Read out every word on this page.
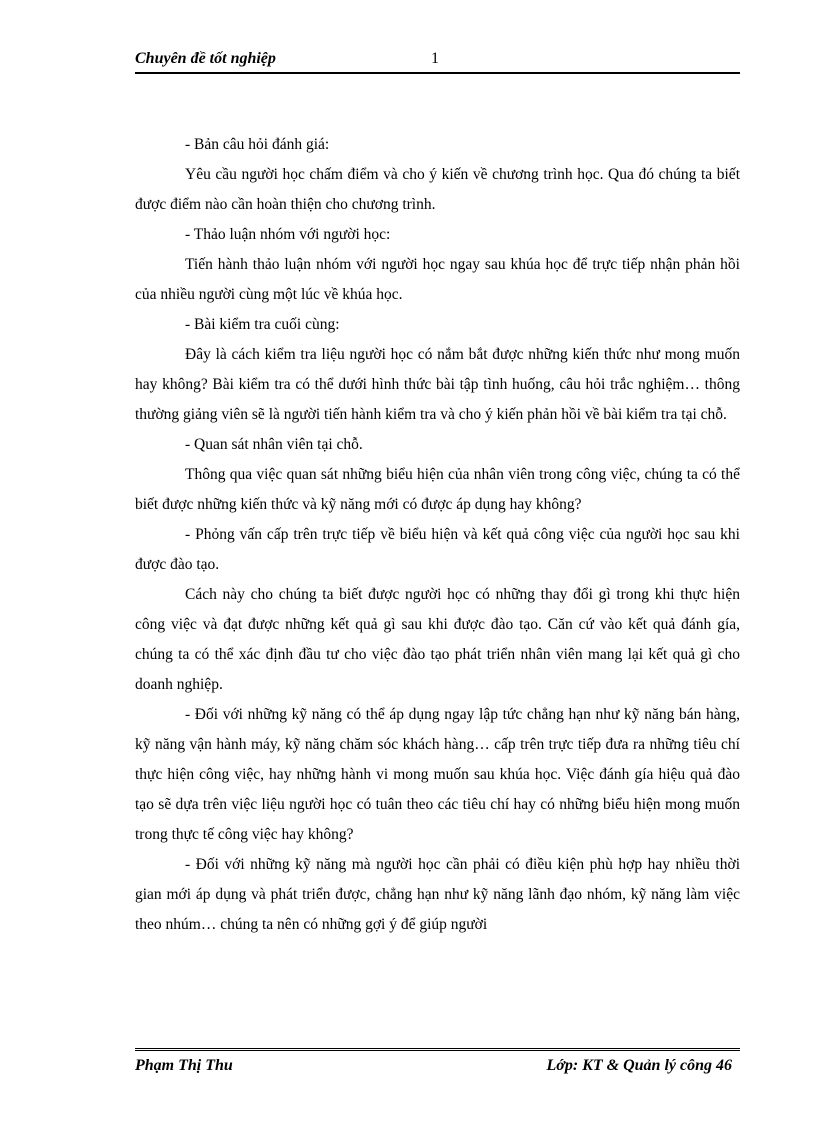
Chuyên đề tốt nghiệp	1

- Bản câu hỏi đánh giá:

Yêu cầu người học chấm điểm và cho ý kiến về chương trình học. Qua đó chúng ta biết được điểm nào cần hoàn thiện cho chương trình.

- Thảo luận nhóm với người học:

Tiến hành thảo luận nhóm với người học ngay sau khúa học để trực tiếp nhận phản hồi của nhiều người cùng một lúc về khúa học.

- Bài kiểm tra cuối cùng:

Đây là cách kiểm tra liệu người học có nắm bắt được những kiến thức như mong muốn hay không? Bài kiểm tra có thể dưới hình thức bài tập tình huống, câu hỏi trắc nghiệm… thông thường giảng viên sẽ là người tiến hành kiểm tra và cho ý kiến phản hồi về bài kiểm tra tại chỗ.

- Quan sát nhân viên tại chỗ.

Thông qua việc quan sát những biểu hiện của nhân viên trong công việc, chúng ta có thể biết được những kiến thức và kỹ năng mới có được áp dụng hay không?

- Phỏng vấn cấp trên trực tiếp về biểu hiện và kết quả công việc của người học sau khi được đào tạo.

Cách này cho chúng ta biết được người học có những thay đổi gì trong khi thực hiện công việc và đạt được những kết quả gì sau khi được đào tạo. Căn cứ vào kết quả đánh gía, chúng ta có thể xác định đầu tư cho việc đào tạo phát triển nhân viên mang lại kết quả gì cho doanh nghiệp.

- Đối với những kỹ năng có thể áp dụng ngay lập tức chẳng hạn như kỹ năng bán hàng, kỹ năng vận hành máy, kỹ năng chăm sóc khách hàng… cấp trên trực tiếp đưa ra những tiêu chí thực hiện công việc, hay những hành vi mong muốn sau khúa học. Việc đánh gía hiệu quả đào tạo sẽ dựa trên việc liệu người học có tuân theo các tiêu chí hay có những biểu hiện mong muốn trong thực tế công việc hay không?

- Đối với những kỹ năng mà người học cần phải có điều kiện phù hợp hay nhiều thời gian mới áp dụng và phát triển được, chẳng hạn như kỹ năng lãnh đạo nhóm, kỹ năng làm việc theo nhúm… chúng ta nên có những gợi ý để giúp người

Phạm Thị Thu	Lớp: KT & Quản lý công 46
